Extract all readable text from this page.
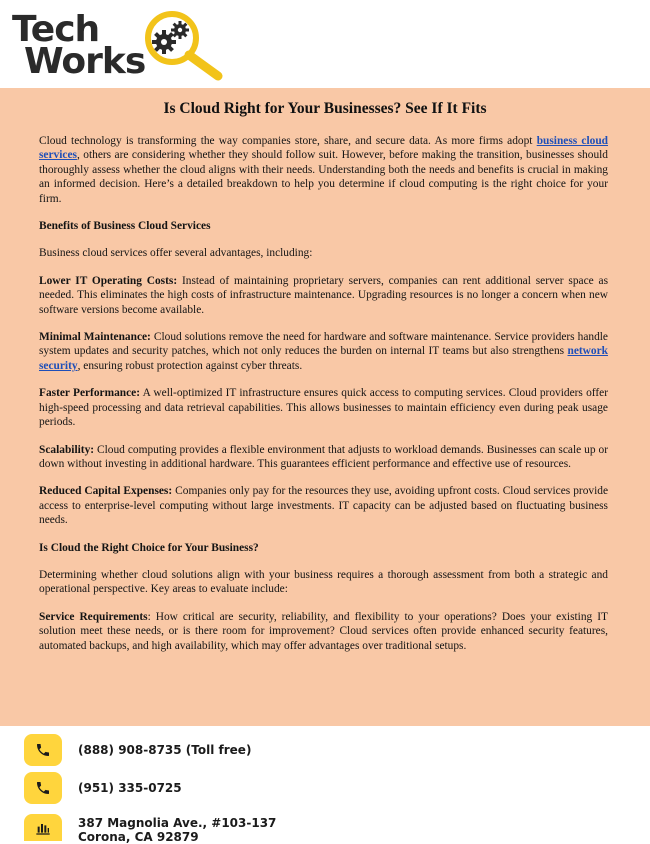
Tech
Works
Is Cloud Right for Your Businesses? See If It Fits

Cloud technology is transforming the way companies store, share, and secure data. As more firms adopt business cloud services, others are considering whether they should follow suit. However, before making the transition, businesses should thoroughly assess whether the cloud aligns with their needs. Understanding both the needs and benefits is crucial in making an informed decision. Here’s a detailed breakdown to help you determine if cloud computing is the right choice for your firm.

Benefits of Business Cloud Services

Business cloud services offer several advantages, including:

Lower IT Operating Costs: Instead of maintaining proprietary servers, companies can rent additional server space as needed. This eliminates the high costs of infrastructure maintenance. Upgrading resources is no longer a concern when new software versions become available.

Minimal Maintenance: Cloud solutions remove the need for hardware and software maintenance. Service providers handle system updates and security patches, which not only reduces the burden on internal IT teams but also strengthens network security, ensuring robust protection against cyber threats.

Faster Performance: A well-optimized IT infrastructure ensures quick access to computing services. Cloud providers offer high-speed processing and data retrieval capabilities. This allows businesses to maintain efficiency even during peak usage periods.

Scalability: Cloud computing provides a flexible environment that adjusts to workload demands. Businesses can scale up or down without investing in additional hardware. This guarantees efficient performance and effective use of resources.

Reduced Capital Expenses: Companies only pay for the resources they use, avoiding upfront costs. Cloud services provide access to enterprise-level computing without large investments. IT capacity can be adjusted based on fluctuating business needs.

Is Cloud the Right Choice for Your Business?

Determining whether cloud solutions align with your business requires a thorough assessment from both a strategic and operational perspective. Key areas to evaluate include:

Service Requirements: How critical are security, reliability, and flexibility to your operations? Does your existing IT solution meet these needs, or is there room for improvement? Cloud services often provide enhanced security features, automated backups, and high availability, which may offer advantages over traditional setups.

(888) 908-8735 (Toll free)
(951) 335-0725
387 Magnolia Ave., #103-137
Corona, CA 92879
